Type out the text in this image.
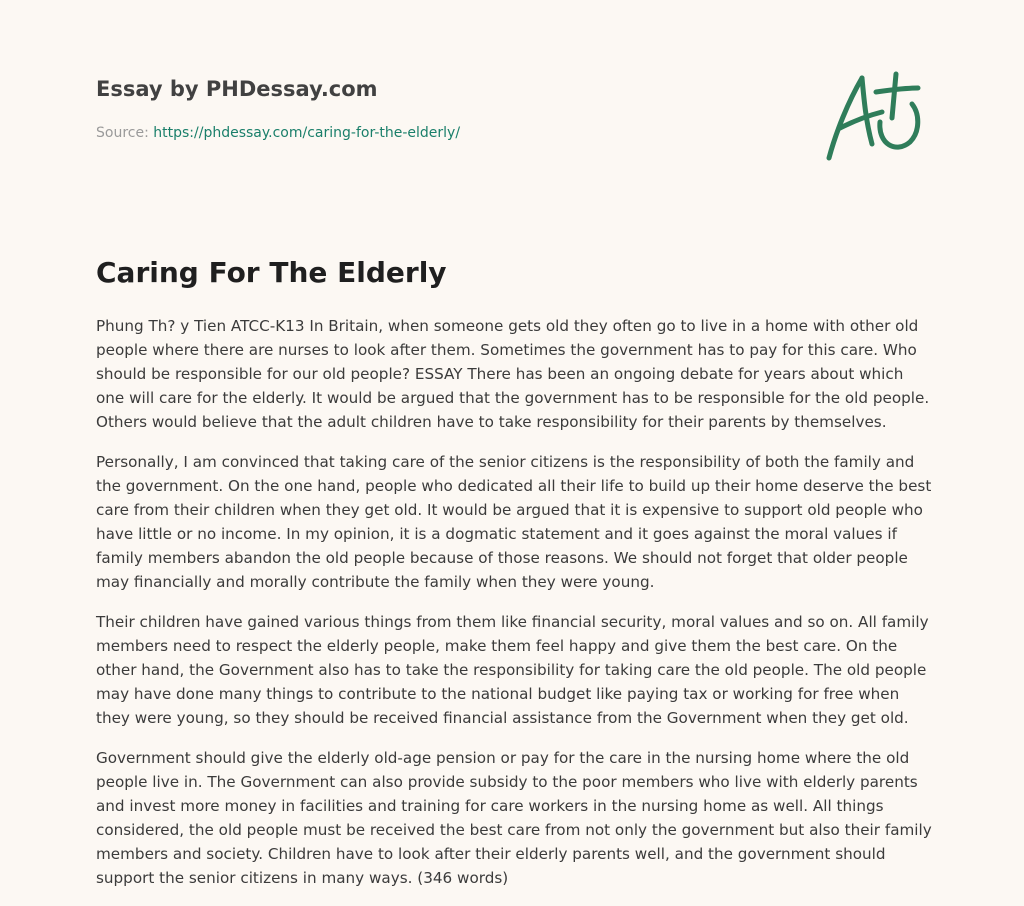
Essay by PHDessay.com
Source: https://phdessay.com/caring-for-the-elderly/
Caring For The Elderly

Phung Th? y Tien ATCC-K13 In Britain, when someone gets old they often go to live in a home with other old people where there are nurses to look after them. Sometimes the government has to pay for this care. Who should be responsible for our old people? ESSAY There has been an ongoing debate for years about which one will care for the elderly. It would be argued that the government has to be responsible for the old people. Others would believe that the adult children have to take responsibility for their parents by themselves.

Personally, I am convinced that taking care of the senior citizens is the responsibility of both the family and the government. On the one hand, people who dedicated all their life to build up their home deserve the best care from their children when they get old. It would be argued that it is expensive to support old people who have little or no income. In my opinion, it is a dogmatic statement and it goes against the moral values if family members abandon the old people because of those reasons. We should not forget that older people may financially and morally contribute the family when they were young.

Their children have gained various things from them like financial security, moral values and so on. All family members need to respect the elderly people, make them feel happy and give them the best care. On the other hand, the Government also has to take the responsibility for taking care the old people. The old people may have done many things to contribute to the national budget like paying tax or working for free when they were young, so they should be received financial assistance from the Government when they get old.

Government should give the elderly old-age pension or pay for the care in the nursing home where the old people live in. The Government can also provide subsidy to the poor members who live with elderly parents and invest more money in facilities and training for care workers in the nursing home as well. All things considered, the old people must be received the best care from not only the government but also their family members and society. Children have to look after their elderly parents well, and the government should support the senior citizens in many ways. (346 words)
